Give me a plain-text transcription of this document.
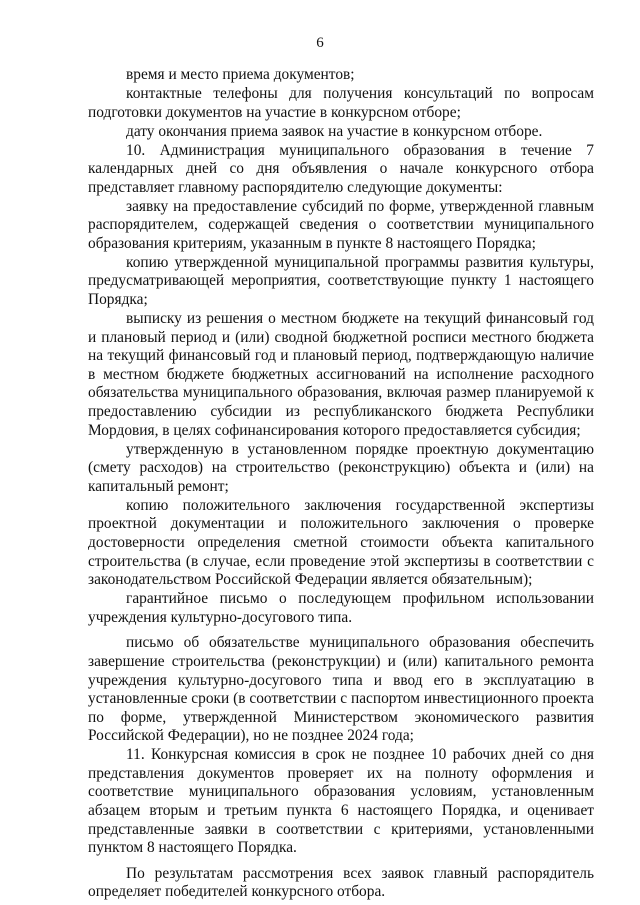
6

время и место приема документов;

контактные телефоны для получения консультаций по вопросам подготовки документов на участие в конкурсном отборе;

дату окончания приема заявок на участие в конкурсном отборе.

10. Администрация муниципального образования в течение 7 календарных дней со дня объявления о начале конкурсного отбора представляет главному распорядителю следующие документы:

заявку на предоставление субсидий по форме, утвержденной главным распорядителем, содержащей сведения о соответствии муниципального образования критериям, указанным в пункте 8 настоящего Порядка;

копию утвержденной муниципальной программы развития культуры, предусматривающей мероприятия, соответствующие пункту 1 настоящего Порядка;

выписку из решения о местном бюджете на текущий финансовый год и плановый период и (или) сводной бюджетной росписи местного бюджета на текущий финансовый год и плановый период, подтверждающую наличие в местном бюджете бюджетных ассигнований на исполнение расходного обязательства муниципального образования, включая размер планируемой к предоставлению субсидии из республиканского бюджета Республики Мордовия, в целях софинансирования которого предоставляется субсидия;

утвержденную в установленном порядке проектную документацию (смету расходов) на строительство (реконструкцию) объекта и (или) на капитальный ремонт;

копию положительного заключения государственной экспертизы проектной документации и положительного заключения о проверке достоверности определения сметной стоимости объекта капитального строительства (в случае, если проведение этой экспертизы в соответствии с законодательством Российской Федерации является обязательным);

гарантийное письмо о последующем профильном использовании учреждения культурно-досугового типа.

письмо об обязательстве муниципального образования обеспечить завершение строительства (реконструкции) и (или) капитального ремонта учреждения культурно-досугового типа и ввод его в эксплуатацию в установленные сроки (в соответствии с паспортом инвестиционного проекта по форме, утвержденной Министерством экономического развития Российской Федерации), но не позднее 2024 года;

11. Конкурсная комиссия в срок не позднее 10 рабочих дней со дня представления документов проверяет их на полноту оформления и соответствие муниципального образования условиям, установленным абзацем вторым и третьим пункта 6 настоящего Порядка, и оценивает представленные заявки в соответствии с критериями, установленными пунктом 8 настоящего Порядка.

По результатам рассмотрения всех заявок главный распорядитель определяет победителей конкурсного отбора.
